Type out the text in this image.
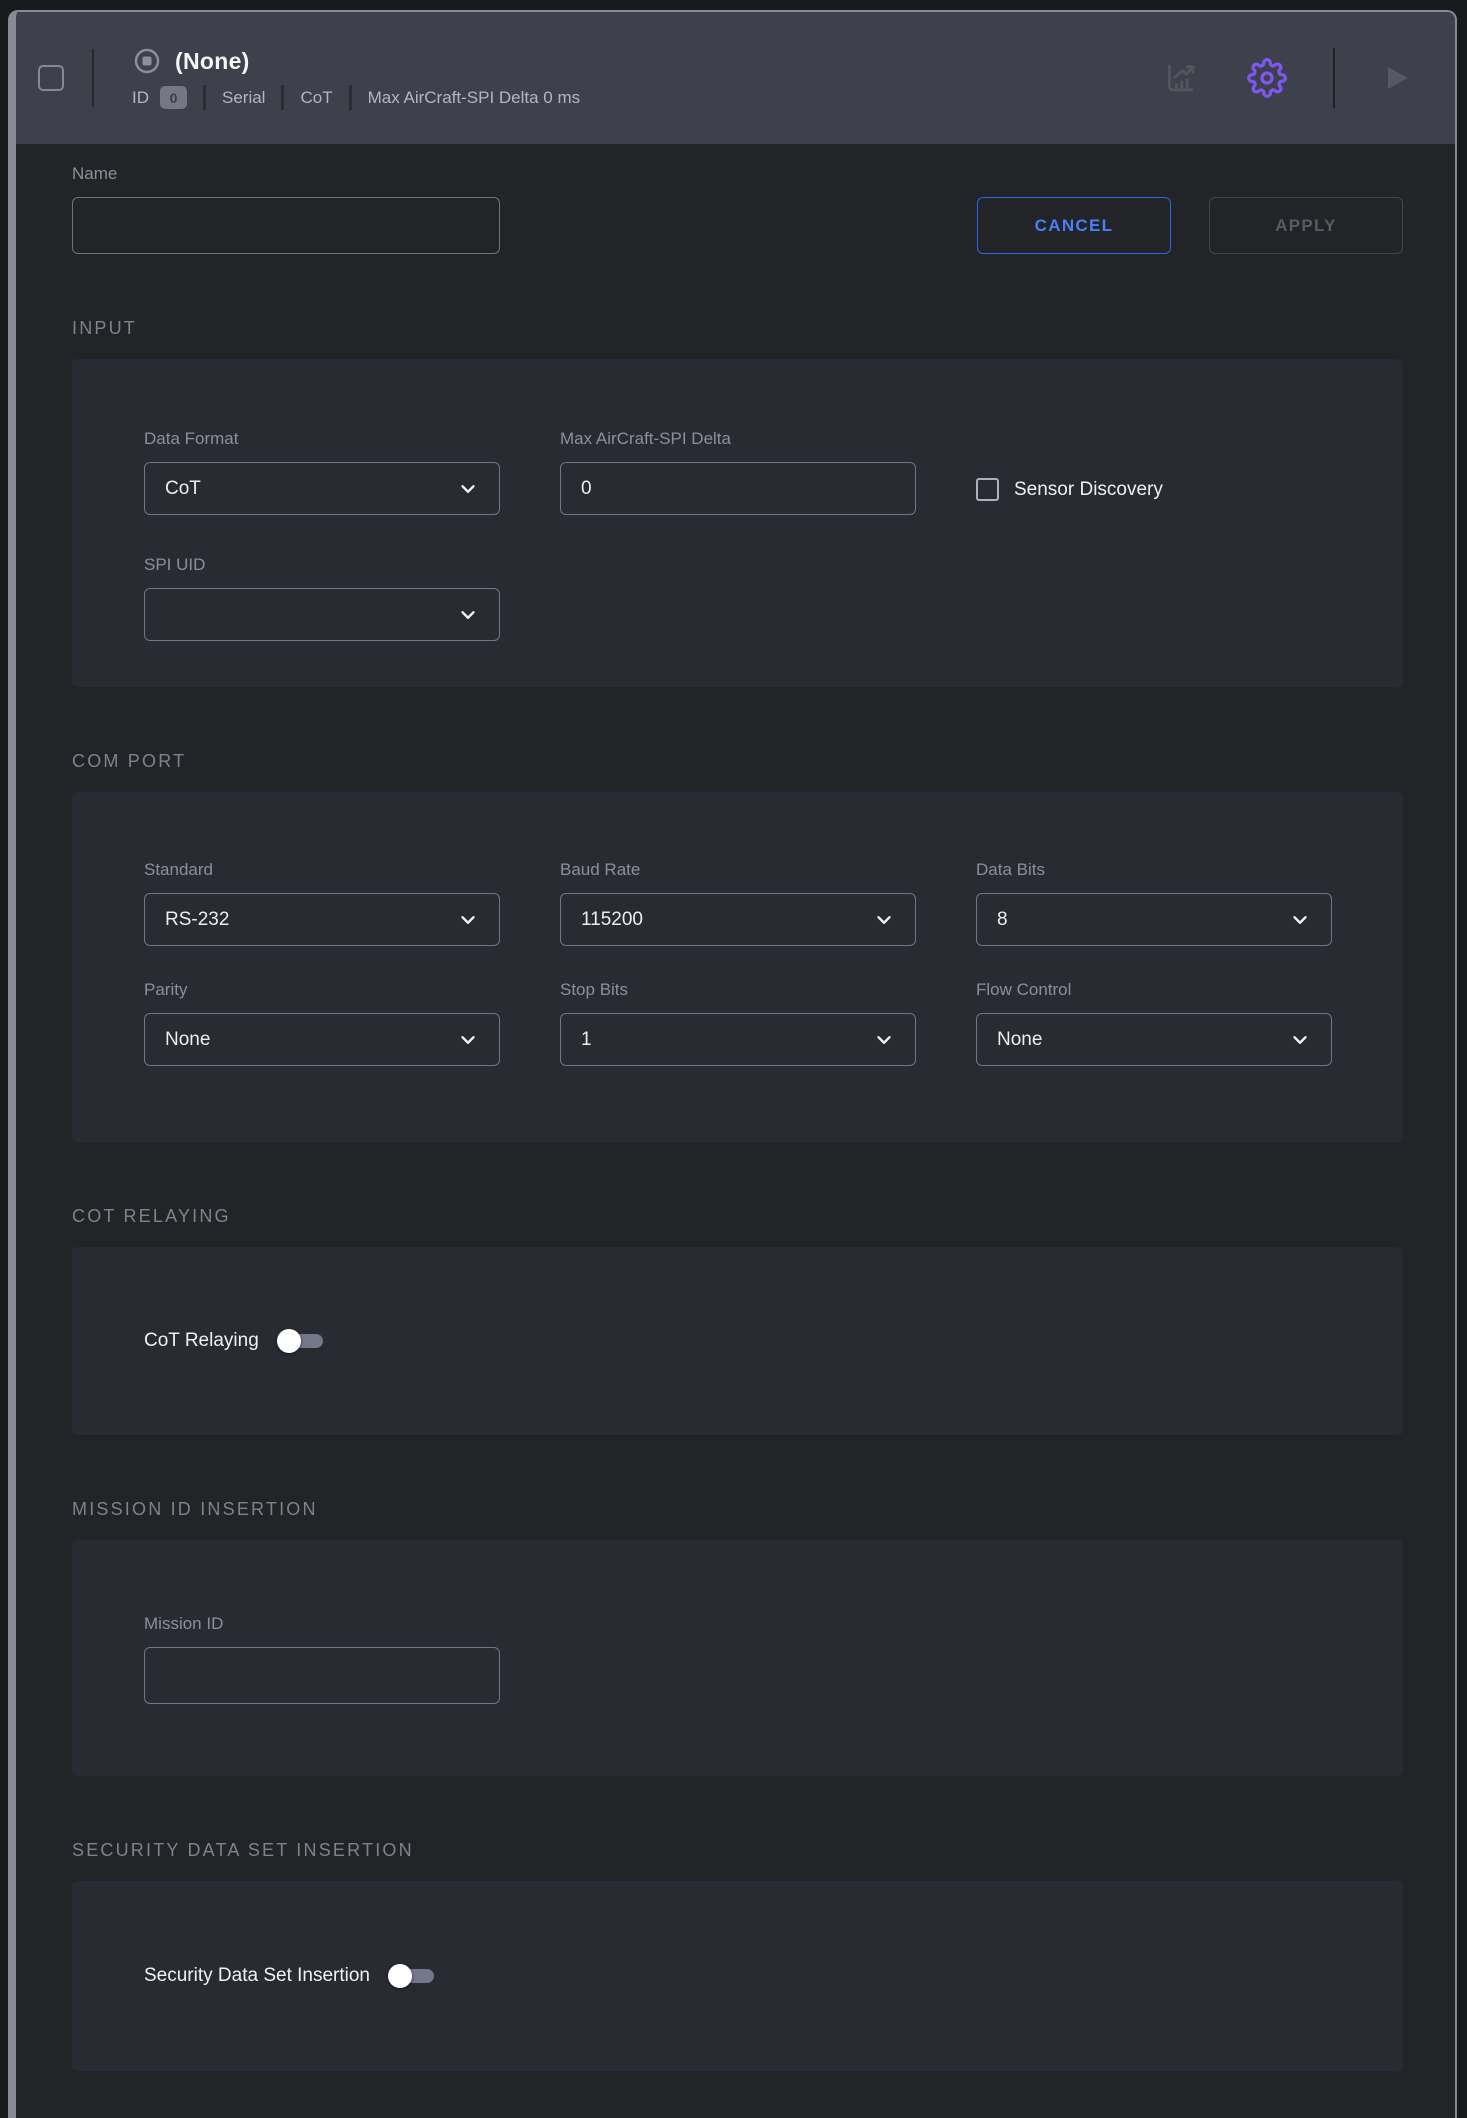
(None)
ID	0	Serial CoT Max AirCraft-SPI Delta 0 ms
Name
CANCEL	APPLY
INPUT
Data Format
CoT
Max AirCraft-SPI Delta
0
Sensor Discovery
SPI UID
COM PORT
Standard
RS-232
Baud Rate
115200
Data Bits
8
Parity
None
Stop Bits
1
Flow Control
None
COT RELAYING
CoT Relaying
MISSION ID INSERTION
Mission ID
SECURITY DATA SET INSERTION
Security Data Set Insertion
